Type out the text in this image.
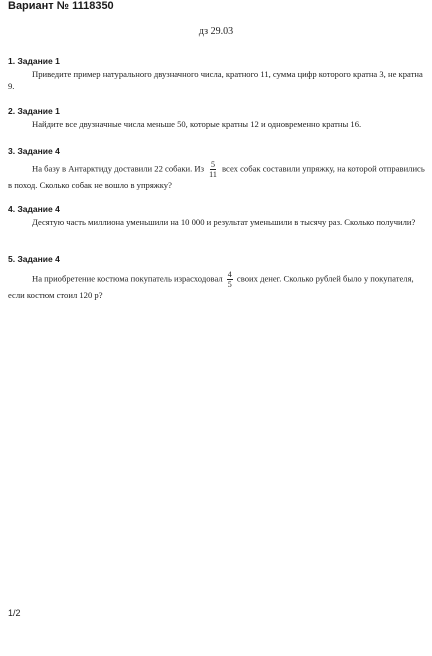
Вариант № 1118350
дз 29.03

1. Задание 1

Приведите пример натурального двузначного числа, кратного 11, сумма цифр которого кратна 3, не кратна 9.

2. Задание 1

Найдите все двузначные числа меньше 50, которые кратны 12 и одновременно кратны 16.

3. Задание 4

На базу в Антарктиду доставили 22 собаки. Из $\frac{5}{11}$ всех собак составили упряжку, на которой отправились в поход. Сколько собак не вошло в упряжку?

4. Задание 4

Десятую часть миллиона уменьшили на 10 000 и результат уменьшили в тысячу раз. Сколько получили?

5. Задание 4

На приобретение костюма покупатель израсходовал $\frac{4}{5}$ своих денег. Сколько рублей было у покупателя, если костюм стоил 120 р?

1/2
